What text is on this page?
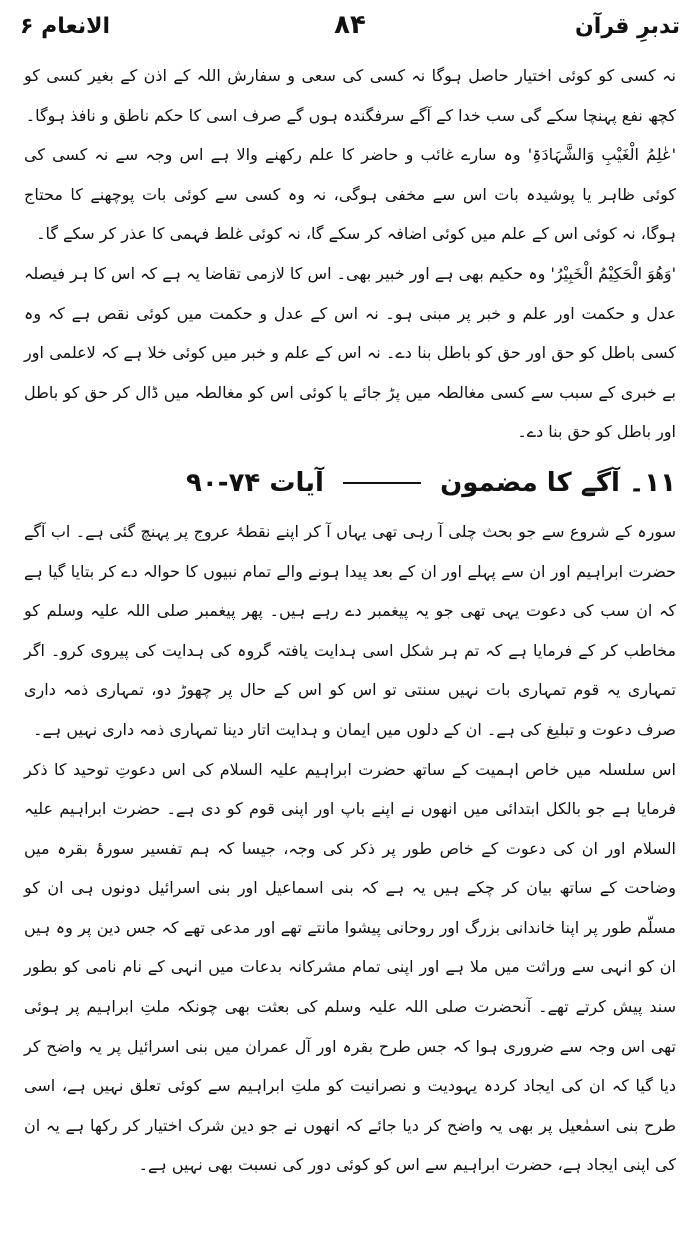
تدبرِ قرآن
۸۴
الانعام ۶

نہ کسی کو کوئی اختیار حاصل ہوگا نہ کسی کی سعی و سفارش اللہ کے اذن کے بغیر کسی کو کچھ نفع پہنچا سکے گی سب خدا کے آگے سرفگندہ ہوں گے صرف اسی کا حکم ناطق و نافذ ہوگا۔

'عٰلِمُ الْغَیْبِ وَالشَّہَادَۃِ' وہ سارے غائب و حاضر کا علم رکھنے والا ہے اس وجہ سے نہ کسی کی کوئی ظاہر یا پوشیدہ بات اس سے مخفی ہوگی، نہ وہ کسی سے کوئی بات پوچھنے کا محتاج ہوگا، نہ کوئی اس کے علم میں کوئی اضافہ کر سکے گا، نہ کوئی غلط فہمی کا عذر کر سکے گا۔

'وَھُوَ الْحَکِیْمُ الْخَبِیْرُ' وہ حکیم بھی ہے اور خبیر بھی۔ اس کا لازمی تقاضا یہ ہے کہ اس کا ہر فیصلہ عدل و حکمت اور علم و خبر پر مبنی ہو۔ نہ اس کے عدل و حکمت میں کوئی نقص ہے کہ وہ کسی باطل کو حق اور حق کو باطل بنا دے۔ نہ اس کے علم و خبر میں کوئی خلا ہے کہ لاعلمی اور بے خبری کے سبب سے کسی مغالطہ میں پڑ جائے یا کوئی اس کو مغالطہ میں ڈال کر حق کو باطل اور باطل کو حق بنا دے۔

۱۱۔ آگے کا مضمون  آیات ۷۴-۹۰

سورہ کے شروع سے جو بحث چلی آ رہی تھی یہاں آ کر اپنے نقطۂ عروج پر پہنچ گئی ہے۔ اب آگے حضرت ابراہیم اور ان سے پہلے اور ان کے بعد پیدا ہونے والے تمام نبیوں کا حوالہ دے کر بتایا گیا ہے کہ ان سب کی دعوت یہی تھی جو یہ پیغمبر دے رہے ہیں۔ پھر پیغمبر صلی اللہ علیہ وسلم کو مخاطب کر کے فرمایا ہے کہ تم ہر شکل اسی ہدایت یافتہ گروہ کی ہدایت کی پیروی کرو۔ اگر تمہاری یہ قوم تمہاری بات نہیں سنتی تو اس کو اس کے حال پر چھوڑ دو، تمہاری ذمہ داری صرف دعوت و تبلیغ کی ہے۔ ان کے دلوں میں ایمان و ہدایت اتار دینا تمہاری ذمہ داری نہیں ہے۔

اس سلسلہ میں خاص اہمیت کے ساتھ حضرت ابراہیم علیہ السلام کی اس دعوتِ توحید کا ذکر فرمایا ہے جو بالکل ابتدائی میں انھوں نے اپنے باپ اور اپنی قوم کو دی ہے۔ حضرت ابراہیم علیہ السلام اور ان کی دعوت کے خاص طور پر ذکر کی وجہ، جیسا کہ ہم تفسیر سورۂ بقرہ میں وضاحت کے ساتھ بیان کر چکے ہیں یہ ہے کہ بنی اسماعیل اور بنی اسرائیل دونوں ہی ان کو مسلّم طور پر اپنا خاندانی بزرگ اور روحانی پیشوا مانتے تھے اور مدعی تھے کہ جس دین پر وہ ہیں ان کو انہی سے وراثت میں ملا ہے اور اپنی تمام مشرکانہ بدعات میں انہی کے نام نامی کو بطور سند پیش کرتے تھے۔ آنحضرت صلی اللہ علیہ وسلم کی بعثت بھی چونکہ ملتِ ابراہیم پر ہوئی تھی اس وجہ سے ضروری ہوا کہ جس طرح بقرہ اور آل عمران میں بنی اسرائیل پر یہ واضح کر دیا گیا کہ ان کی ایجاد کردہ یہودیت و نصرانیت کو ملتِ ابراہیم سے کوئی تعلق نہیں ہے، اسی طرح بنی اسمٰعیل پر بھی یہ واضح کر دیا جائے کہ انھوں نے جو دین شرک اختیار کر رکھا ہے یہ ان کی اپنی ایجاد ہے، حضرت ابراہیم سے اس کو کوئی دور کی نسبت بھی نہیں ہے۔
